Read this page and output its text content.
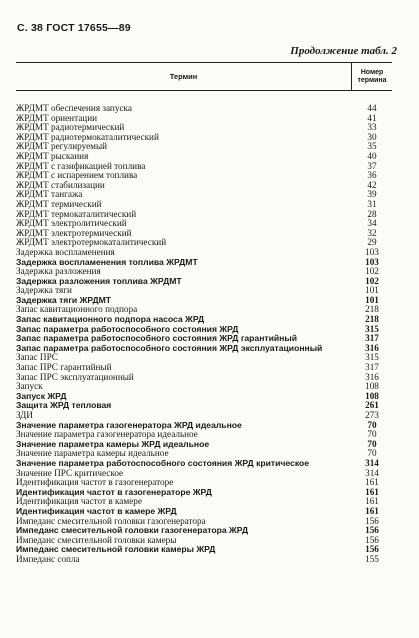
С. 38 ГОСТ 17655—89
Продолжение табл. 2
Термин	Номер
термина
ЖРДМТ обеспечения запуска	44
ЖРДМТ ориентации	41
ЖРДМТ радиотермический	33
ЖРДМТ радиотермокаталитический	30
ЖРДМТ регулируемый	35
ЖРДМТ рыскания	40
ЖРДМТ с газификацией топлива	37
ЖРДМТ с испарением топлива	36
ЖРДМТ стабилизации	42
ЖРДМТ тангажа	39
ЖРДМТ термический	31
ЖРДМТ термокаталитический	28
ЖРДМТ электролитический	34
ЖРДМТ электротермический	32
ЖРДМТ электротермокаталитический	29
Задержка воспламенения	103
Задержка воспламенения топлива ЖРДМТ	103
Задержка разложения	102
Задержка разложения топлива ЖРДМТ	102
Задержка тяги	101
Задержка тяги ЖРДМТ	101
Запас кавитационного подпора	218
Запас кавитационного подпора насоса ЖРД	218
Запас параметра работоспособного состояния ЖРД	315
Запас параметра работоспособного состояния ЖРД гарантийный	317
Запас параметра работоспособного состояния ЖРД эксплуатационный	316
Запас ПРС	315
Запас ПРС гарантийный	317
Запас ПРС эксплуатационный	316
Запуск	108
Запуск ЖРД	108
Защита ЖРД тепловая	261
ЗДИ	273
Значение параметра газогенератора ЖРД идеальное	70
Значение параметра газогенератора идеальное	70
Значение параметра камеры ЖРД идеальное	70
Значение параметра камеры идеальное	70
Значение параметра работоспособного состояния ЖРД критическое	314
Значение ПРС критическое	314
Идентификация частот в газогенераторе	161
Идентификация частот в газогенераторе ЖРД	161
Идентификация частот в камере	161
Идентификация частот в камере ЖРД	161
Импеданс смесительной головки газогенератора	156
Импеданс смесительной головки газогенератора ЖРД	156
Импеданс смесительной головки камеры	156
Импеданс смесительной головки камеры ЖРД	156
Импеданс сопла	155
